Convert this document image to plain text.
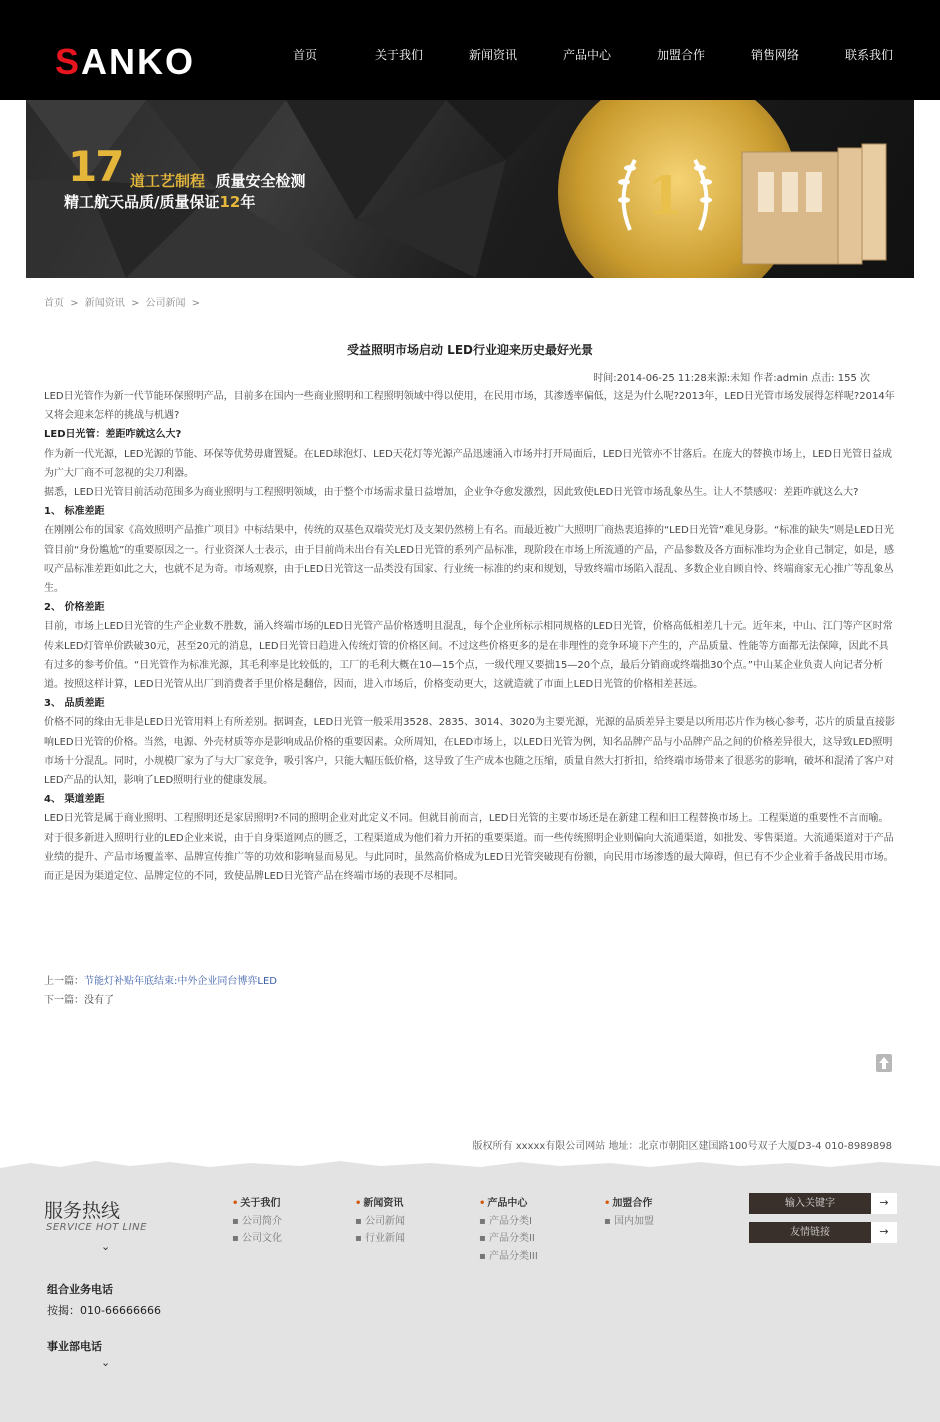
SANKO	首页	关于我们	新闻资讯	产品中心	加盟合作	销售网络	联系我们
17 道工艺制程 质量安全检测
精工航天品质/质量保证12年	1
首页 > 新闻资讯 > 公司新闻 >
受益照明市场启动 LED行业迎来历史最好光景
时间:2014-06-25 11:28来源:未知 作者:admin 点击: 155 次

LED日光管作为新一代节能环保照明产品，目前多在国内一些商业照明和工程照明领域中得以使用，在民用市场，其渗透率偏低，这是为什么呢?2013年，LED日光管市场发展得怎样呢?2014年又将会迎来怎样的挑战与机遇?

LED日光管：差距咋就这么大?

作为新一代光源，LED光源的节能、环保等优势毋庸置疑。在LED球泡灯、LED天花灯等光源产品迅速涌入市场并打开局面后，LED日光管亦不甘落后。在庞大的替换市场上，LED日光管日益成为广大厂商不可忽视的尖刀利器。

据悉，LED日光管目前活动范围多为商业照明与工程照明领域，由于整个市场需求量日益增加，企业争夺愈发激烈，因此致使LED日光管市场乱象丛生。让人不禁感叹：差距咋就这么大?

1、 标准差距

在刚刚公布的国家《高效照明产品推广项目》中标结果中，传统的双基色双端荧光灯及支架仍然榜上有名。而最近被广大照明厂商热衷追捧的“LED日光管”难见身影。“标准的缺失”则是LED日光管目前“身份尴尬”的重要原因之一。行业资深人士表示，由于目前尚未出台有关LED日光管的系列产品标准，现阶段在市场上所流通的产品，产品参数及各方面标准均为企业自己制定，如是，感叹产品标准差距如此之大，也就不足为奇。市场观察，由于LED日光管这一品类没有国家、行业统一标准的约束和规划，导致终端市场陷入混乱、多数企业自顾自怜、终端商家无心推广等乱象丛生。

2、 价格差距

目前，市场上LED日光管的生产企业数不胜数，涌入终端市场的LED日光管产品价格透明且混乱，每个企业所标示相同规格的LED日光管，价格高低相差几十元。近年来，中山、江门等产区时常传来LED灯管单价跌破30元，甚至20元的消息，LED日光管日趋进入传统灯管的价格区间。不过这些价格更多的是在非理性的竞争环境下产生的，产品质量、性能等方面都无法保障，因此不具有过多的参考价值。“日光管作为标准光源，其毛利率是比较低的，工厂的毛利大概在10—15个点，一级代理又要拙15—20个点，最后分销商或终端拙30个点。”中山某企业负责人向记者分析道。按照这样计算，LED日光管从出厂到消费者手里价格是翻倍，因而，进入市场后，价格变动更大，这就造就了市面上LED日光管的价格相差甚远。

3、 品质差距

价格不同的缘由无非是LED日光管用料上有所差别。据调查，LED日光管一般采用3528、2835、3014、3020为主要光源，光源的品质差异主要是以所用芯片作为核心参考，芯片的质量直接影响LED日光管的价格。当然，电源、外壳材质等亦是影响成品价格的重要因素。众所周知，在LED市场上，以LED日光管为例，知名品牌产品与小品牌产品之间的价格差异很大，这导致LED照明市场十分混乱。同时，小规模厂家为了与大厂家竞争，吸引客户，只能大幅压低价格，这导致了生产成本也随之压缩，质量自然大打折扣，给终端市场带来了很恶劣的影响，破坏和混淆了客户对LED产品的认知，影响了LED照明行业的健康发展。

4、 渠道差距

LED日光管是属于商业照明、工程照明还是家居照明?不同的照明企业对此定义不同。但就目前而言，LED日光管的主要市场还是在新建工程和旧工程替换市场上。工程渠道的重要性不言而喻。对于很多新进入照明行业的LED企业来说，由于自身渠道网点的匮乏，工程渠道成为他们着力开拓的重要渠道。而一些传统照明企业则偏向大流通渠道，如批发、零售渠道。大流通渠道对于产品业绩的提升、产品市场覆盖率、品牌宣传推广等的功效和影响显而易见。与此同时，虽然高价格成为LED日光管突破现有份额，向民用市场渗透的最大障碍，但已有不少企业着手备战民用市场。而正是因为渠道定位、品牌定位的不同，致使品牌LED日光管产品在终端市场的表现不尽相同。

上一篇：节能灯补贴年底结束:中外企业同台博弈LED
下一篇：没有了
版权所有 xxxxx有限公司网站 地址：北京市朝阳区建国路100号双子大厦D3-4 010-8989898
服务热线
SERVICE HOT LINE
⌄
• 关于我们
▪ 公司简介
▪ 公司文化
• 新闻资讯
▪ 公司新闻
▪ 行业新闻
• 产品中心
▪ 产品分类I
▪ 产品分类II
▪ 产品分类III
• 加盟合作
▪ 国内加盟
输入关键字	→
友情链接	→
组合业务电话
按揭：010-66666666
事业部电话
⌄
